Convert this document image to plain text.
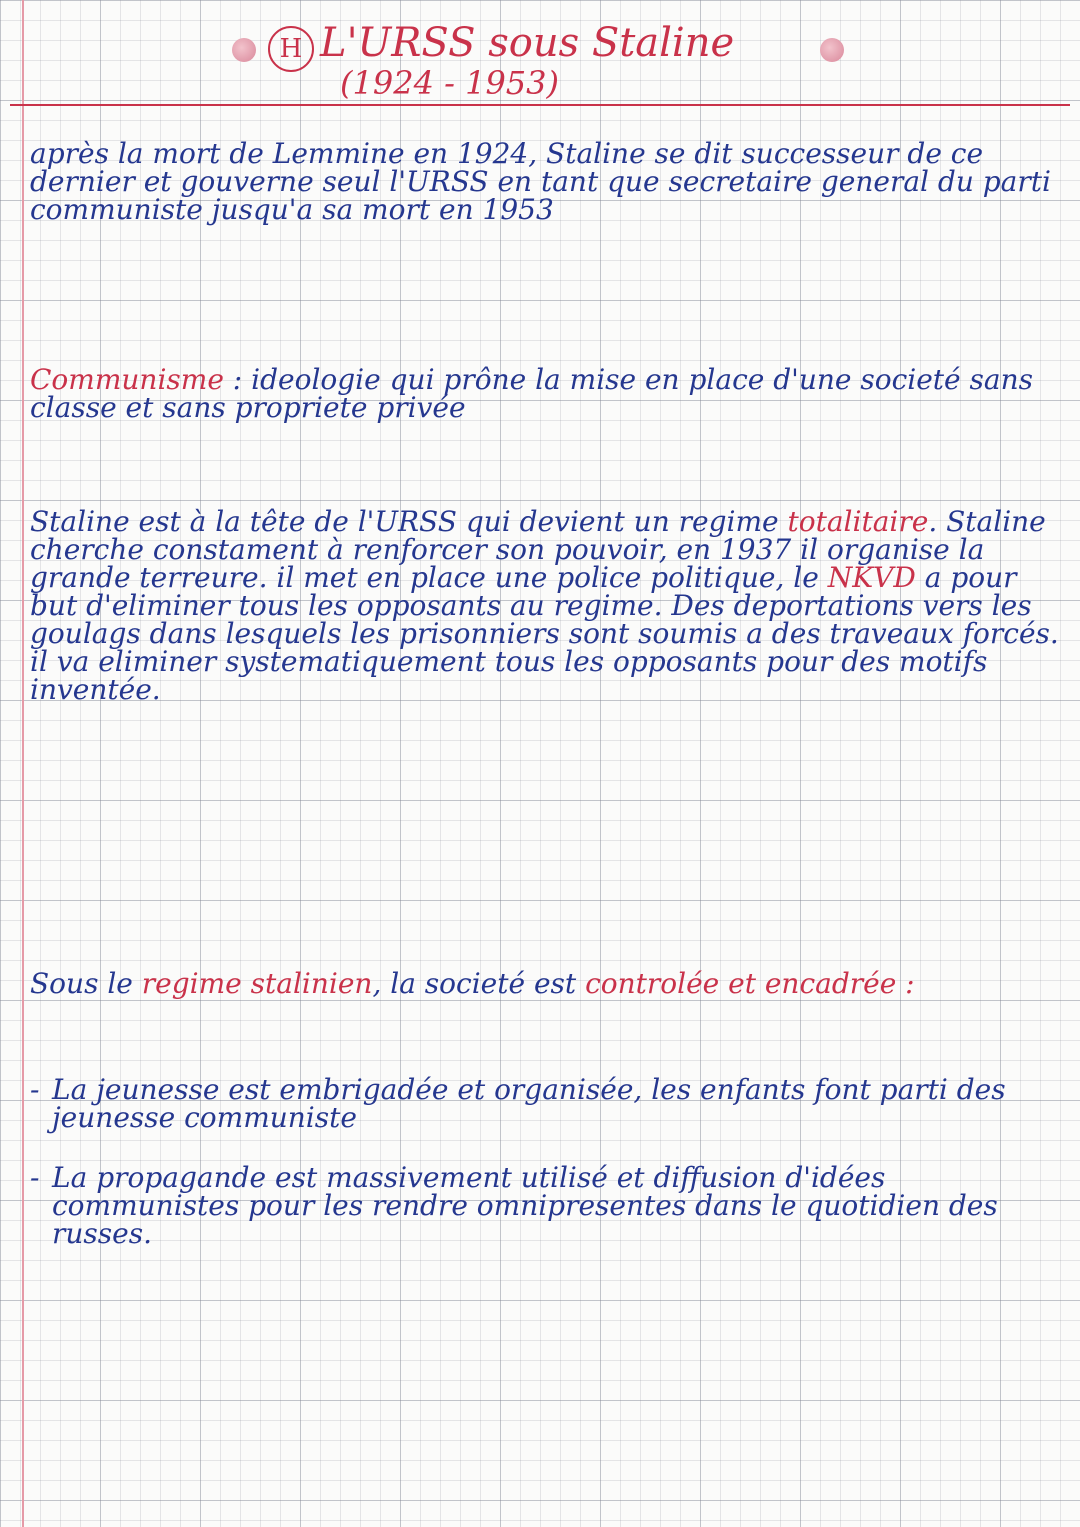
H L'URSS sous Staline
(1924 - 1953)
après la mort de Lemmine en 1924, Staline se dit successeur de ce dernier et gouverne seul l'URSS en tant que secretaire general du parti communiste jusqu'a sa mort en 1953
Communisme : ideologie qui prône la mise en place d'une societé sans classe et sans propriete privée
Staline est à la tête de l'URSS qui devient un regime totalitaire. Staline cherche constament à renforcer son pouvoir, en 1937 il organise la grande terreure. il met en place une police politique, le NKVD a pour but d'eliminer tous les opposants au regime. Des deportations vers les goulags dans lesquels les prisonniers sont soumis a des traveaux forcés. il va eliminer systematiquement tous les opposants pour des motifs inventée.
Sous le regime stalinien, la societé est controlée et encadrée :
- La jeunesse est embrigadée et organisée, les enfants font parti des jeunesse communiste
- La propagande est massivement utilisé et diffusion d'idées communistes pour les rendre omnipresentes dans le quotidien des russes.
